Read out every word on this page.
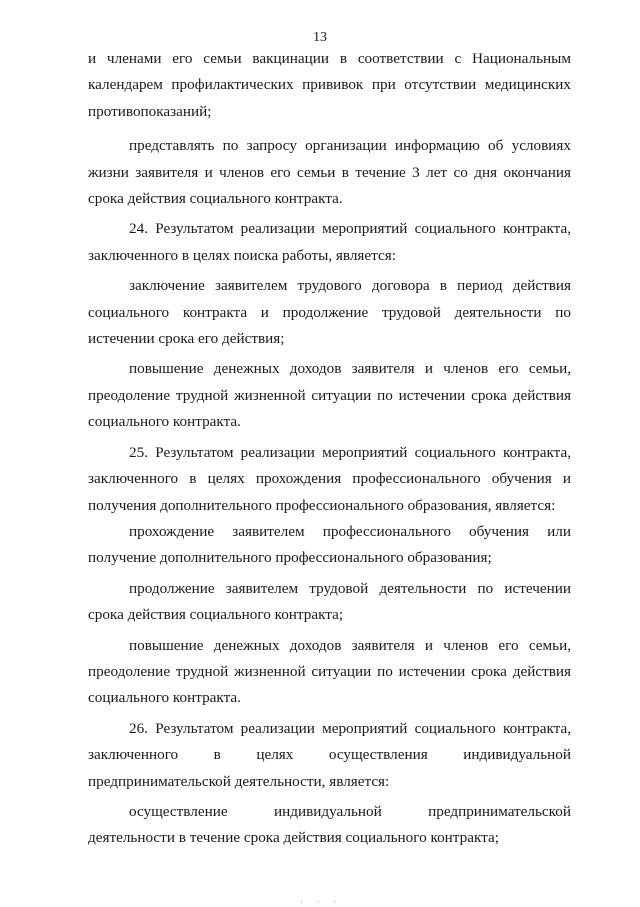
13

и членами его семьи вакцинации в соответствии с Национальным календарем профилактических прививок при отсутствии медицинских противопоказаний;

представлять по запросу организации информацию об условиях жизни заявителя и членов его семьи в течение 3 лет со дня окончания срока действия социального контракта.

24. Результатом реализации мероприятий социального контракта, заключенного в целях поиска работы, является:

заключение заявителем трудового договора в период действия социального контракта и продолжение трудовой деятельности по истечении срока его действия;

повышение денежных доходов заявителя и членов его семьи, преодоление трудной жизненной ситуации по истечении срока действия социального контракта.

25. Результатом реализации мероприятий социального контракта, заключенного в целях прохождения профессионального обучения и получения дополнительного профессионального образования, является:

прохождение заявителем профессионального обучения или получение дополнительного профессионального образования;

продолжение заявителем трудовой деятельности по истечении срока действия социального контракта;

повышение денежных доходов заявителя и членов его семьи, преодоление трудной жизненной ситуации по истечении срока действия социального контракта.

26. Результатом реализации мероприятий социального контракта, заключенного в целях осуществления индивидуальной предпринимательской деятельности, является:

осуществление индивидуальной предпринимательской деятельности в течение срока действия социального контракта;

· · ·
